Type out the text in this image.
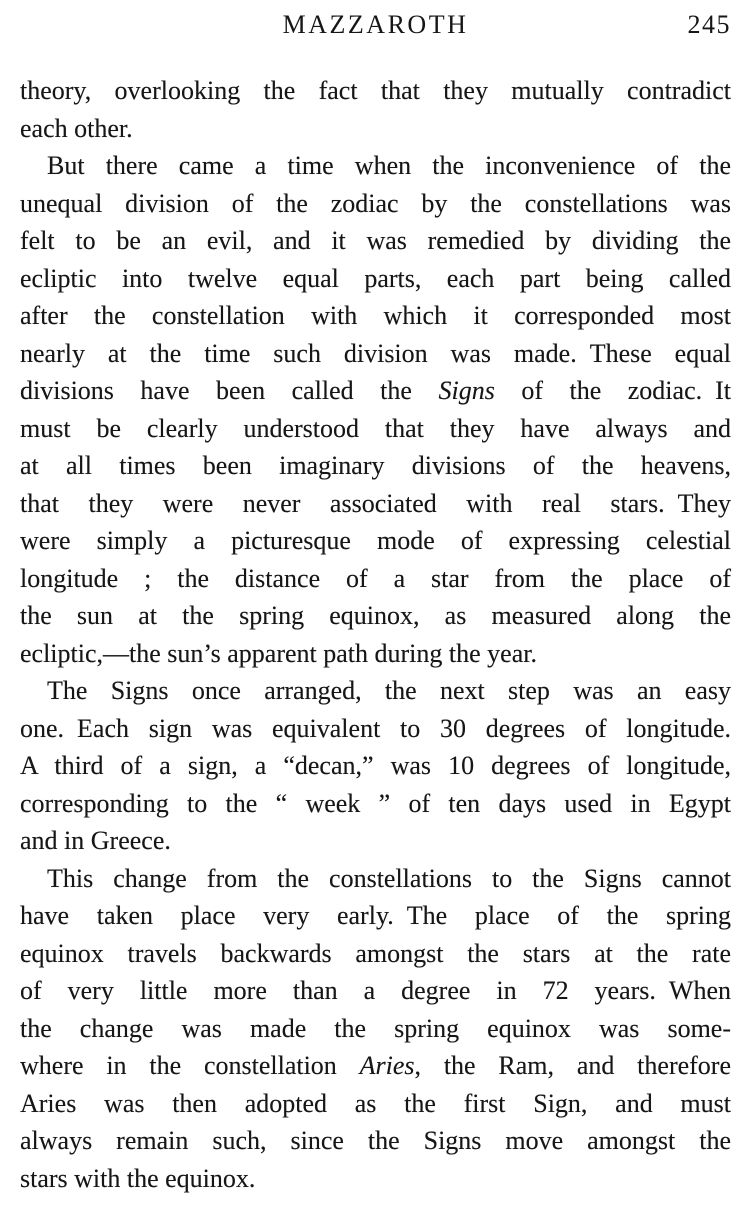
MAZZAROTH	245
theory, overlooking the fact that they mutually contradict
each other.
But there came a time when the inconvenience of the
unequal division of the zodiac by the constellations was
felt to be an evil, and it was remedied by dividing the
ecliptic into twelve equal parts, each part being called
after the constellation with which it corresponded most
nearly at the time such division was made. These equal
divisions have been called the Signs of the zodiac. It
must be clearly understood that they have always and
at all times been imaginary divisions of the heavens,
that they were never associated with real stars. They
were simply a picturesque mode of expressing celestial
longitude ; the distance of a star from the place of
the sun at the spring equinox, as measured along the
ecliptic,—the sun’s apparent path during the year.
The Signs once arranged, the next step was an easy
one. Each sign was equivalent to 30 degrees of longitude.
A third of a sign, a “decan,” was 10 degrees of longitude,
corresponding to the “ week ” of ten days used in Egypt
and in Greece.
This change from the constellations to the Signs cannot
have taken place very early. The place of the spring
equinox travels backwards amongst the stars at the rate
of very little more than a degree in 72 years. When
the change was made the spring equinox was some-
where in the constellation Aries, the Ram, and therefore
Aries was then adopted as the first Sign, and must
always remain such, since the Signs move amongst the
stars with the equinox.
